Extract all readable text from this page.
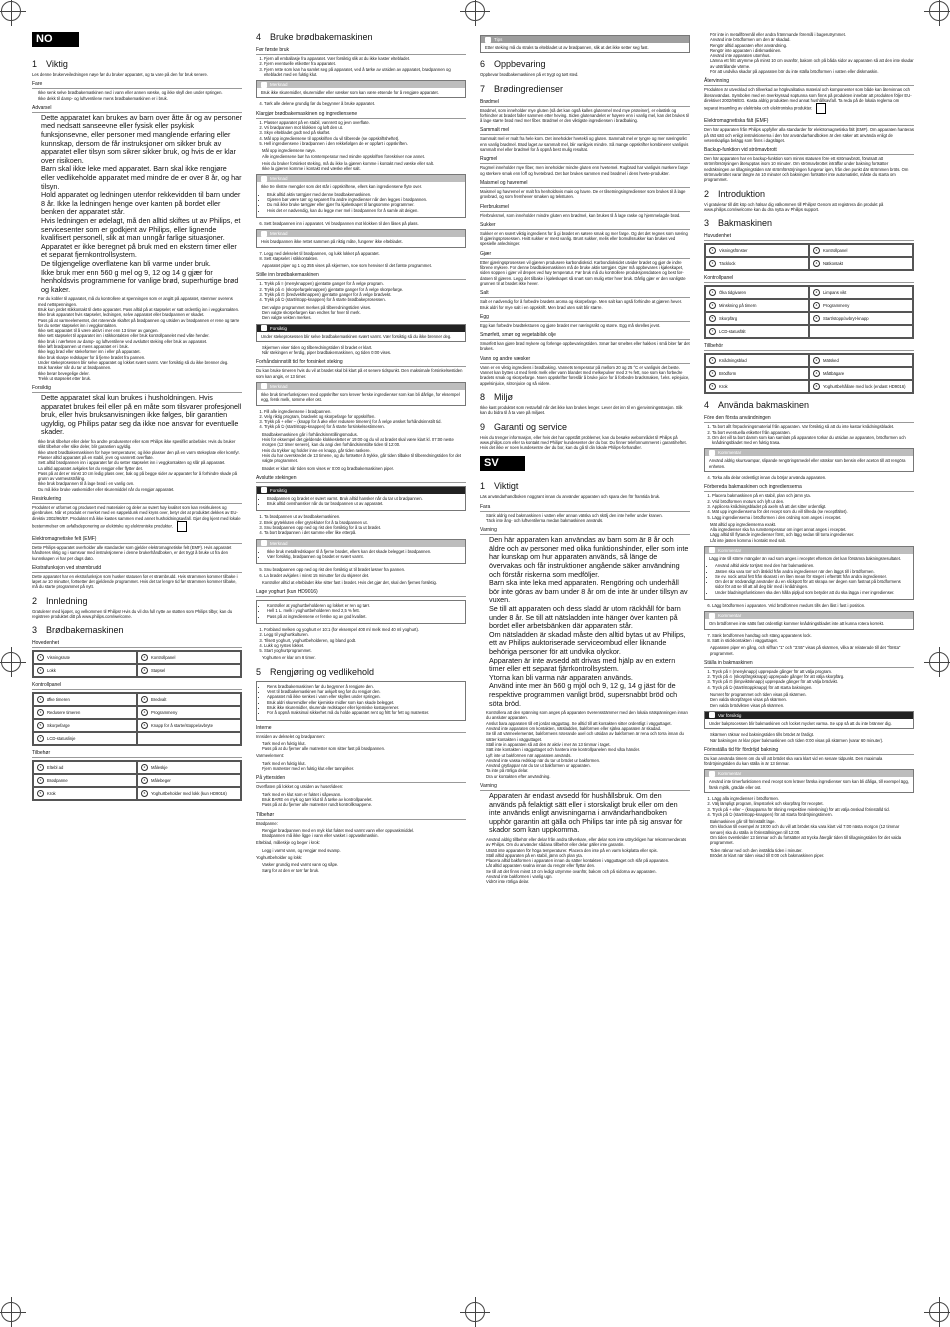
NO
1 Viktig

Les denne brukerveiledningen nøye før du bruker apparatet, og ta vare på den for bruk senere.

Fare
• Ikke senk selve brødbakemaskinen ned i vann eller annen væske, og ikke skyll den under springen.
• Ikke dekk til damp- og luftventilene mens brødbakemaskinen er i bruk.
Advarsel
• Dette apparatet kan brukes av barn over åtte år og av personer med nedsatt sanseevne eller fysisk eller psykisk funksjonsevne, eller personer med manglende erfaring eller kunnskap, dersom de får instruksjoner om sikker bruk av apparatet eller tilsyn som sikrer sikker bruk, og hvis de er klar over risikoen.
• Barn skal ikke leke med apparatet. Barn skal ikke rengjøre eller vedlikeholde apparatet med mindre de er over 8 år, og har tilsyn.
• Hold apparatet og ledningen utenfor rekkevidden til barn under 8 år. Ikke la ledningen henge over kanten på bordet eller benken der apparatet står.
• Hvis ledningen er ødelagt, må den alltid skiftes ut av Philips, et servicesenter som er godkjent av Philips, eller lignende kvalifisert personell, slik at man unngår farlige situasjoner.
• Apparatet er ikke beregnet på bruk med en ekstern timer eller et separat fjernkontrollsystem.
• De tilgjengelige overflatene kan bli varme under bruk.
• Ikke bruk mer enn 560 g mel og 9, 12 og 14 g gjær for henholdsvis programmene for vanlige brød, superhurtige brød og kaker.
• Før du kobler til apparatet, må du kontrollere at spenningen som er angitt på apparatet, stemmer overens med nettspenningen.
• Bruk kun jordet stikkontakt til dette apparatet. Pass alltid på at støpselet er satt ordentlig inn i veggkontakten.
• Ikke bruk apparatet hvis støpselet, ledningen, selve apparatet eller brødpannen er skadet.
• Pass på at varmeelementet, det roterende skaftet på brødpannen og utsiden av brødpannen er rene og tørre før du setter støpselet inn i veggkontakten.
• Ikke sett apparatet til å være aktivt i mer enn 13 timer av gangen.
• Ikke sett støpselet til apparatet inn i stikkontakten eller bruk kontrollpanelet med våte hender.
• Ikke bruk i nærheten av damp- og luftventilene ved avsluttet steking eller bruk av apparatet.
• Ikke løft brødpannen ut mens apparatet er i bruk.
• Ikke legg brød eller stekeformer inn i eller på apparatet.
• Ikke bruk skarpe redskaper for å fjerne brødet fra pannen.
• Under stekeprosessen blir selve apparatet og lokket svært varmt. Vær forsiktig så du ikke brenner deg.
• Bruk hansker når du tar ut brødpannen.
• Ikke berør bevegelige deler.
• Trekk ut støpselet etter bruk.
Forsiktig
• Dette apparatet skal kun brukes i husholdningen. Hvis apparatet brukes feil eller på en måte som tilsvarer profesjonell bruk, eller hvis bruksanvisningen ikke følges, blir garantien ugyldig, og Philips patar seg da ikke noe ansvar for eventuelle skader.
• Ikke bruk tilbehør eller deler fra andre produsenter eller som Philips ikke spesifikt anbefaler. Hvis du bruker slikt tilbehør eller slike deler, blir garantien ugyldig.
• Ikke utsett brødbakemaskinen for høye temperaturer, og ikke plasser den på en varm stekeplate eller komfyr.
• Plasser alltid apparatet på en stabil, jevn og vannrett overflate.
• Sett alltid brødpannen inn i apparatet før du setter støpselet inn i veggkontakten og slår på apparatet.
• La alltid apparatet avkjøles før du rengjør eller flytter det.
• Pass på at det er minst 10 cm ledig plass over, bak og på begge sider av apparatet for å forhindre skade på grunn av varmeutstråling.
• Ikke bruk brødpannen til å lage brød i en vanlig ovn.
• Du må ikke bruke vaskemidler eller skuremiddel når du rengjør apparatet.
Resirkulering

Produktet er utformet og produsert med materialer og deler av svært høy kvalitet som kan resirkuleres og gjenbrukes. Når et produkt er merket med en søppeldunk med kryss over, betyr det at produktet dekkes av EU-direktiv 2002/96/EF. Produktet må ikke kastes sammen med annet husholdningsavfall. Gjør deg kjent med lokale bestemmelser om avfallsdeponering av elektriske og elektroniske produkter.

Elektromagnetiske felt (EMF)

Dette Philips-apparatet overholder alle standarder som gjelder elektromagnetiske felt (EMF). Hvis apparatet håndteres riktig og i samsvar med instruksjonene i denne brukerhåndboken, er det trygt å bruke ut fra den kunnskapen vi har per dags dato.

Ekstrafunksjon ved strømbrudd

Dette apparatet har en ekstrafunksjon som husker statusen før et strømbrudd. Hvis strømmen kommer tilbake i løpet av 10 minutter, fortsetter det gjeldende programmet. Hvis det tar lengre tid før strømmen kommer tilbake, må du starte programmet på nytt.

2 Innledning

Gratulerer med kjøpet, og velkommen til Philips! Hvis du vil dra full nytte av støtten som Philips tilbyr, kan du registrere produktet ditt på www.philips.com/welcome.

3 Brødbakemaskinen
Hovedenhet
1	Visningsrute	2	Kontrollpanel
3	Lokk	4	Støpsel
Kontrollpanel
1	Øke timeren	2	Bredvalt
3	Redusere timeren	4	Programmeny
5	Skorpefarge	6	Knapp for å starte/stoppe/avbryte
7	LCD-statuslinje
Tilbehør
1	Eltebl ad	2	Måleskje
3	Brødpanne	4	Målebeger
5	Krok	6	Yoghurtbeholder med lokk (kun HD9016)
4 Bruke brødbakemaskinen
Før første bruk
1. Fjern all emballasje fra apparatet. Vær forsiktig slik at du ikke kaster eltebladet.
2. Fjern eventuelle etiketter fra apparatet.
3. Fjern rette som kan ha samlet seg på apparatet, ved å tørke av utsiden av apparatet, brødpannen og eltebladet med en fuktig klut.
Merknad
Bruk ikke skuremidler, skuremidler eller væsker som kan være etsende for å rengjøre apparatet.
4. Tørk alle delene grundig før du begynner å bruke apparatet.
Klargjør brødbakemaskinen og ingrediensene
1. Plasser apparatet på en stabil, vannrett og jevn overflate.
2. Vri brødpannen mot klokken og løft den ut.
3. Skyv eltebladet godt ned på skaftet.
4. Mål opp ingrediensene til oppskriften du vil tilberede (se oppskriftsheftet).
5. Hell ingrediensene i brødpannen i den rekkefølgen de er oppført i oppskriften.
• Mål opp ingrediensene nøye.
• Alle ingrediensene bør ha romtemperatur med mindre oppskriften foreskriver noe annet.
• Hvis du bruker forsinket steking, må du ikke la gjæren komme i kontakt med væske eller salt.
• Ikke la gjæren komme i kontakt med væske eller salt.
Merknad

Ikke tre rikstre mengder som det står i oppskriftene, ellers kan ingrediensene flyte over.

• Bruk alltid aktiv tørrgjær med denne brødbakemaskinen.
• Gjæren bør være tørr og separert fra andre ingredienser når den legges i brødpannen.
• Du må ikke bruke tørrgjær eller gjær fra kjøleskapet til langsomme programmer.
• Hvis det er nødvendig, kan du legge mer mel i brødpannen for å samle alt deigen.
6. Sett brødpannen inn i apparatet. Vri brødpannen mot klokken til den låses på plass.
Merknad
Hvis brødpannen ikke rettet sammen på riktig måte, fungerer ikke eltebladet.
7. Legg ned dekselet til brødpannen, og lukk lokket på apparatet.
8. Sett støpselet i stikkontakten.
• Apparatet piper og 1 og 355 vises på skjermen, noe som henviser til det første programmet.
Stille inn brødbakemaskinen
1. Trykk på ≡ (menyknappen) gjentatte ganger for å velge program.
2. Trykk på ⊙ (skorpefargeknappen) gjentatte ganger for å velge skorpefarge.
3. Trykk på ⊡ (bredvektknappen) gjentatte ganger for å velge brødvekt.
4. Trykk på ⏻ (start/stopp-knappen) for å starte brødbakeprosessen.
• Det valgte programmet merkes på tilberedningstiden vises.
• Den valgte skorpefargen kan endres for hver til merk.
• Den valgte vekten merkes.
Forsiktig
Under stekeprosessen blir selve brødbakemaskinen svært varmt. Vær forsiktig så du ikke brenner deg.
• Skjermen viser tiden og tilberedningstiden til brødet er klart.
• Når stekingen er ferdig, piper brødbakemaskinen, og tiden 0:00 vises.
Forhåndsinnstilt tid for forsinket steking

Du kan bruke timeren hvis du vil at brødet skal bli klart på et senere tidspunkt. Den maksimale forsinkelsestiden som kan angis, er 13 timer.

Merknad
Ikke bruk timerfunksjonen med oppskrifter som krever ferske ingredienser som kan bli dårlige, for eksempel egg, fersk melk, rømme eller ost.
1. Fill alle ingrediensene i brødpannen.
2. Velg riktig program, brødvekt og skorpefarge for oppskriften.
3. Trykk på + eller − (knapp for å øke eller redusere timeren) for å velge ønsket forhåndsinnstilt tid.
4. Trykk på ⏻ (start/stopp-knappen) for å starte forsinkelsestimeren.
• Brødbakemaskinen går i forhåndsinnstillingsmodus.
• Hvis for eksempel det gjeldende klokkeslettet er 19:00 og du vil at brødet skal være klart kl. 07:00 neste morgen (12 timer senere), kan du angi den forhåndsinnstilte tiden til 12:00.
• Hvis du trykker og holder inne en knapp, går tiden raskere.
• Hvis du har overskredet de 13 timene, og du fortsetter å trykke, går tiden tilbake til tilberedningstiden for det valgte programmet.
• Brødet er klart når tiden som vises er 0:00 og brødbakemaskinen piper.
Avslutte stekingen
Forsiktig
• Brødpannen og brødet er svært varmt. Bruk alltid hansker når du tar ut brødpannen.
• Bruk alltid ovnshansker når du tar brødpannen ut av apparatet.
1. Ta brødpannen ut av brødbakemaskinen.
2. Brek grytekluten eller grytekluter for å ta brødpannen ut.
3. Snu brødpannen opp ned og rist den forsiktig for å ta ut brødet.
4. Ta bort brødpannen i det samme eller like etterpå.
Merknad
• Ikke bruk metallredskaper til å fjerne brødet, ellers kan det skade belegget i brødpannen.
• Vær forsiktig, brødpannen og brødet er svært varmt.
5. Snu brødpannen opp ned og rist den forsiktig ut til brødet løsner fra pannen.
6. La brødet avkjøles i minst 15 minutter før du skjærer det.
• Kontroller alltid at eltebladet ikke sitter fast i brødet. Hvis det gjør det, skal den fjernes forsiktig.
Lage yoghurt (kun HD9016)
• Kontroller at yoghurtbeholderen og lokket er ren og tørr.
• Hell 1 L. melk i yoghurtbeholderen med 2,5 % fett.
• Pass på at ingrediensene er ferske og av god kvalitet.
1. Forbland melken og yoghurt er 10:1 (for eksempel 400 ml melk med 40 ml yoghurt).
2. Legg til yoghurtkulturen.
3. Tilsett yoghurt, yoghurtbeholderen, og bland godt.
4. Lukk og rystes lokket.
5. Start yoghurtprogrammet.
• Yoghurten er klar om 8 timer.
5 Rengjøring og vedlikehold
• Rens brødbakemaskinen før du begynner å rengjøre den.
• Vent til brødbakemaskinen har avkjølt seg før du rengjør den.
• Apparatet må ikke senkes i vann eller skylles under springen.
• Bruk aldri skuremidler eller kjemiske midler som kan skade belegget.
• Bruk ikke skuremidler, skurende redskaper eller kjemiske kostøyerener.
• For å oppnå maksimal sikkerhet må du holde apparatet rent og fritt for fett og matrester.
Interne

Innsiden av dekselet og brødpannen:

• Tørk med en fuktig klut.
• Pass på at du fjerner alle matrester som sitter fast på brødpannen.

Varmeelement:

• Tørk med en fuktig klut.
• Fjern matrester med en fuktig klut eller tannpirker.
På yttersiden

Overflaten på lokket og utsiden av huset/ideen:

• Tørk med en klut som er fuktet i såpevann.
• Bruk BARE en myk og tørr klut til å tørke av kontrollpanelet.
• Pass på at du fjerner alle matrester rundt kontrollknappene.
Tilbehør

Brødpanne:

• Rengjør brødpannen med en myk klut fuktet med varmt vann eller oppvaskmiddel.
• Brødpannen må ikke ligge i vann eller vasket i oppvaskmaskin.

Elteblad, måleskje og beger i krok:

• Legg i varmt vann, og rengjør med svamp.

Yoghurtbeholder og lokk:

• Vasker grundig med varmt vann og såpe.
• Sørg for at den er tørr før bruk.
Tips
Etter steking må du straks ta eltebladet ut av brødpannen, slik at det ikke setter seg fast.
6 Oppbevaring

Oppbevar brødbakemaskinen på et trygt og tørt sted.

7 Brødingredienser
Brødmel

Brødmel, som inneholder mye gluten (så det kan også kalles glutenmel med mye proteiner), er elastisk og forhindrer at brødet faller sammen etter heving. Siden glutenandelet er høyere enn i vanlig mel, kan det brukes til å lage større brød med mer fiber. Brødmel er den viktigste ingrediensen i brødbaking.

Sammalt mel

Sammalt mel er malt fra hele korn. Det inneholder hvetekli og gluten. Sammalt mel er tyngre og mer næringsrikt enn vanlig brødmel. Brød laget av sammalt mel, blir vanligvis mindre. Så mange oppskrifter kombinerer vanligvis sammalt mel eller brødmel for å oppnå best mulig resultat.

Rugmel

Rugmel inneholder mye fiber, men inneholder mindre gluten enn hvetemel. Rugbrød har vanligvis mørkere farge og sterkere smak enn loff og hvetebrød. Det bør brukes sammen med brødmel i dens hvete-produkter.

Maismel og havremel

Maismel og havremel er malt fra henholdsvis mais og havre. De er tilsetningsingredienser som brukes til å lage grovbrød, og som fremhever smaken og teksturen.

Flerbruksmel

Flerbruksmel, som inneholder mindre gluten enn brødmel, kan brukes til å lage raske og hjemmelagde brød.

Sukker

Sukker er en svært viktig ingrediens for å gi brødet en søtere smak og mer farge. Og det det regnes som næring til gjæringsprosessen. Hvitt sukker er mest vanlig. Brunt sukker, melis eller bomullssukker kan brukes ved spesielle anledninger.

Gjær

Etter gjæringsprosessen vil gjæren produsere karbondioksid. Karbondioksidet utvider brødet og gjør de indre fibrene mykere. For denne brødbakemaskinen må de bruke aktiv tørrgjær. Gjær må oppbevares i kjøleskapet, siden soppen i gjær vil drepes ved høy temperatur. Før bruk må du kontrollere produksjonsdatoen og best før-datoen til gjæren. Legg det tilbake i kjøleskapet så snart som mulig etter hver bruk. Dårlig gjær er den vanligste grunnen til at brødet ikke hever.

Salt

Salt er nødvendig for å forbedre brødets aroma og skorpefarge. Men salt kan også forhindre at gjæren hever. Bruk aldri for mye salt i en oppskrift. Men brød uten salt blir større.

Egg

Egg kan forbedre brødteksturen og gjøre brødet mer næringsrikt og større. Egg må skrelles jevnt.

Smørfett, smør og vegetabilsk olje

Smørfett kan gjøre brød mykere og forlenge oppbevaringstiden. Smør bør smeltes eller hakkes i små biter før det brukes.

Vann og andre væsker

Vann er en viktig ingrediens i brødbaking. Vannets temperatur på mellom 20 og 25 °C er vanligvis det beste. Vannet kan byttes ut med fersk melk eller vann blandet med melkepulver med 2 % fett, noe som kan forbedre brødets smak og skorpefarge. Noen oppskrifter foreslår å bruke juice for å forbedre brødsmaken, f.eks. eplejuice, appelsinjuice, sitronjuice og så videre.

8 Miljø

Ikke kast produktet som restavfall når det ikke kan brukes lenger. Lever det inn til en gjenvinningsstasjon. Slik kan du bidra til å ta vare på miljøet.

9 Garanti og service

Hvis du trenger informasjon, eller hvis det har oppstått problemer, kan du besøke webområdet til Philips på www.philips.com eller ta kontakt med Philips' kundesenter der du bor. Du finner telefonnummeret i garantiheftet. Hvis det ikke er noen kundesentre der du bor, kan du gå til din lokale Philips-forhandler.

SV
1 Viktigt

Läs användarhandboken noggrant innan du använder apparaten och spara den för framtida bruk.

Fara
• Sänk aldrig ned bakmaskinen i vatten eller annan vätska och skölj den inte heller under kranen.
• Täck inte ång- och luftventilerna medan bakmaskinen används.
Varning
• Den här apparaten kan användas av barn som är 8 år och äldre och av personer med olika funktionshinder, eller som inte har kunskap om hur apparaten används, så länge de övervakas och får instruktioner angående säker användning och förstår riskerna som medföljer.
• Barn ska inte leka med apparaten. Rengöring och underhåll bör inte göras av barn under 8 år om de inte är under tillsyn av vuxen.
• Se till att apparaten och dess sladd är utom räckhåll för barn under 8 år. Se till att nätsladden inte hänger över kanten på bordet eller arbetsbänken där apparaten står.
• Om nätsladden är skadad måste den alltid bytas ut av Philips, ett av Philips auktoriserade serviceombud eller liknande behöriga personer för att undvika olyckor.
• Apparaten är inte avsedd att drivas med hjälp av en extern timer eller ett separat fjärrkontrollsystem.
• Ytorna kan bli varma när apparaten används.
• Använd inte mer än 560 g mjöl och 9, 12 g, 14 g jäst för de respektive programmen vanligt bröd, supersnabbt bröd och söta bröd.
• Kontrollera att den spänning som anges på apparaten överensstämmer med den lokala nätspänningen innan du ansluter apparaten.
• Anslut bara apparaten till ett jordat vägguttag. Se alltid till att kontakten sitter ordentligt i vägguttaget.
• Använd inte apparaten om kontakten, nätsladden, bakformen eller själva apparaten är skadad.
• Se till att värmeelementet, bakformens roterande axel och utsidan av bakformen är rena och torra innan du sätter kontakten i vägguttaget.
• Ställ inte in apparaten så att den är aktiv i mer än 13 timmar i taget.
• Sätt inte kontakten i vägguttaget och hantera inte kontrollpanelen med våta händer.
• Lyft inte ut bakformen när apparaten används.
• Använd inte vassa redskap när du tar ut brödet ur bakformen.
• Använd grytlappar när du tar ut bakformen ur apparaten.
• Ta inte på rörliga delar.
• Dra ur kontakten efter användning.
Varning
• Apparaten är endast avsedd för hushållsbruk. Om den används på felaktigt sätt eller i storskaligt bruk eller om den inte används enligt anvisningarna i användarhandboken upphör garantin att gälla och Philips tar inte på sig ansvar för skador som kan uppkomma.
• Använd aldrig tillbehör eller delar från andra tillverkare, eller delar som inte uttryckligen har rekommenderats av Philips. Om du använder sådana tillbehör eller delar gäller inte garantin.
• Utsätt inte apparaten för höga temperaturer. Placera den inte på en varm kokplatta eller spis.
• Ställ alltid apparaten på en stabil, jämn och plan yta.
• Placera alltid bakformen i apparaten innan du sätter kontakten i vägguttaget och slår på apparaten.
• Låt alltid apparaten svalna innan du rengör eller flyttar den.
• Se till att det finns minst 10 cm ledigt utrymme ovanför, bakom och på sidorna av apparaten.
• Använd inte bakformen i vanlig ugn.
• Vidrör inte rörliga delar.
• För inte in metallföremål eller andra främmande föremål i bagerutrymmet.
• Använd inte brödformen om den är skadad.
• Rengör alltid apparaten efter användning.
• Rengör inte apparaten i diskmaskinen.
• Använd inte apparaten utomhus.
• Lämna ett fritt utrymme på minst 10 cm ovanför, bakom och på båda sidor av apparaten så att den inte skadar av utstrålande värme.
• För att undvika skador på apparaten bör du inte ställa brödformen i vatten eller diskmaskin.
Återvinning

Produkten är utvecklad och tillverkad av högkvalitativa material och komponenter som både kan återvinnas och återanvändas. Symbolen med en överkryssad soptunna som finns på produkten innebär att produkten följer EU-direktivet 2002/96/EG. Kasta aldrig produkten med annat hushållsavfall. Ta reda på de lokala reglerna om separat insamling av elektriska och elektroniska produkter.

Elektromagnetiska fält (EMF)

Den här apparaten från Philips uppfyller alla standarder för elektromagnetiska fält (EMF). Om apparaten hanteras på rätt sätt och enligt instruktionerna i den här användarhandboken är den säker att använda enligt de vetenskapliga belägg som finns i dagsläget.

Backup-funktion vid strömavbrott

Den här apparaten har en backup-funktion som minns statusen före ett strömavbrott, förutsatt att strömförsörjningen återupptas inom 10 minuter. Om strömavbrottet inträffar under bakning fortsätter nedräkningen av tillagningstiden när strömförsörjningen fungerar igen, från den punkt där strömmen bröts. Om strömavbrottet varar längre än 10 minuter och bakningen fortsätter inte automatiskt, måste du starta om programmet.

2 Introduktion

Vi gratulerar till ditt köp och hälsar dig välkommen till Philips! Genom att registrera din produkt på www.philips.com/welcome kan du dra nytta av Philips support.

3 Bakmaskinen
Huvudenhet
1	Visningsfönster	2	Kontrollpanel
3	Täcklock	4	Nätkontakt
Kontrollpanel
1	Öka tidgivaren	2	Limpans vikt
3	Minskning på timern	4	Programmeny
5	Skorpfärg	6	Start/stopp/avbryt-knapp
7	LCD-statusfält
Tillbehör
1	Knådningsblad	2	Mätsked
3	Brödform	4	Måttbägare
5	Krok	6	Yoghurtbehållare med lock (endast HD9016)
4 Använda bakmaskinen
Före den första användningen
1. Ta bort allt förpackningsmaterial från apparaten. Var försiktig så att du inte kastar knådningsbladet.
2. Ta bort eventuella etiketter från apparaten.
3. Om det vill ta bort damm som kan samlats på apparaten torkar du utsidan av apparaten, brödformen och knådningsbladet med en fuktig trasa.
Kommentar
Använd aldrig skursvampar, slipande rengöringsmedel eller vätskor som bensin eller aceton till att rengöra enheten.
4. Torka alla delar ordentligt innan du börjar använda apparaten.
Förbereda bakmaskinen och ingredienserna
1. Placera bakmaskinen på en stabil, plan och jämn yta.
2. Vrid brödformen moturs och lyft ut den.
3. Applicera knådningsbladet på axeln så att det sitter ordentligt.
4. Mät upp ingredienserna för det recept som du vill tillreda (se receptfältet).
5. Lägg ingredienserna i brödformen i den ordning som anges i receptet.
• Mät alltid upp ingredienserna exakt.
• Alla ingredienser ska ha rumstemperatur om inget annat anges i receptet.
• Lägg alltid till flytande ingredienser först, och lägg sedan till torra ingredienser.
• Låt inte jästen komma i kontakt med salt.
Kommentar

Lägg inte till större mängder än vad som anges i receptet eftersom det kan försämra bakningsresultatet.

• Använd alltid aktiv torrjäst med den här bakmaskinen.
• Jästen ska vara torr och åtskild från andra ingredienser när den läggs till i brödformen.
• Se ev. nock antal fett från skarast i en liten mean för steget i efterrätt från andra ingredienser.
• Om det är nödvändigt använder du en slickpott för att skrapa ner degen som fastnat på brödformens sidor för att se till att all deg blir med i knådningen.
• Under bladningsfunktionen ska den hålla pipljud som betyder att du ska lägga i mer ingredienser.
6. Lägg brödformen i apparaten. Vrid brödformen medurs tills den låst i fast i position.
Kommentar
Om brödformen inte sätts fast ordentligt kommer knådningsbladet inte att kunna rotera korrekt.
7. Sänk brödformen handtag och stäng apparatens lock.
8. Sätt in stickkontakten i vägguttaget.
• Apparaten piper en gång, och siffran "1" och "3:55" visas på skärmen, vilka är relaterade till det "första" programmet.
Ställa in bakmaskinen
1. Tryck på ≡ (menyknapp) upprepade gånger för att välja program.
2. Tryck på ⊙ (skorpfärgsknapp) upprepade gånger för att välja skorpfärg.
3. Tryck på ⊡ (limpviktsknapp) upprepade gånger för att välja brödvikt.
4. Tryck på ⏻ (start/stoppknapp) för att starta bakningen.
• Numret för programmet och tiden visas på skärmen.
• Den valda skorpfärgen visas på skärmen.
• Den valda brödvikten visas på skärmen.
Var försiktig
Under bakprocessen blir bakmaskinen och locket mycket varma. Se upp så att du inte bränner dig.
• Skärmen räknar ned bakningstiden tills brödet är färdigt.
• När bakningen är klar piper bakmaskinen och tiden 0:00 visas på skärmen (varar 60 minuter).
Förinställa tid för fördröjd bakning

Du kan använda timern om du vill att brödet ska vara klart vid en senare tidpunkt. Den maximala fördröjningstiden du kan ställa in är 13 timmar.

Kommentar
Använd inte timerfunktionen med recept som kräver färska ingredienser som kan bli dåliga, till exempel ägg, färsk mjölk, grädde eller ost.
1. Lägg alla ingredienser i brödformen.
2. Välj lämpligt program, limpstorlek och skorpfärg för receptet.
3. Tryck på + eller − (knapparna för ökning respektive minskning) för att välja önskad förinställd tid.
4. Tryck på ⏻ (start/stopp-knappen) för att starta fördröjningstimern.
• Bakmaskinen går till förinställt läge.
• Om klockan till exempel är 19:00 och du vill att brödet ska vara klart vid 7:00 nästa morgon (12 timmar senare) ska du ställa in förinställningen till 12:00.
• Om tiden överskrider 13 timmar och du fortsätter att trycka återgår tiden till tillagningstiden för det valda programmet.
• Tiden räknar ned och den inställda tiden i minuter.
• Brödet är klart när tiden visad till 0:00 och bakmaskinen piper.
